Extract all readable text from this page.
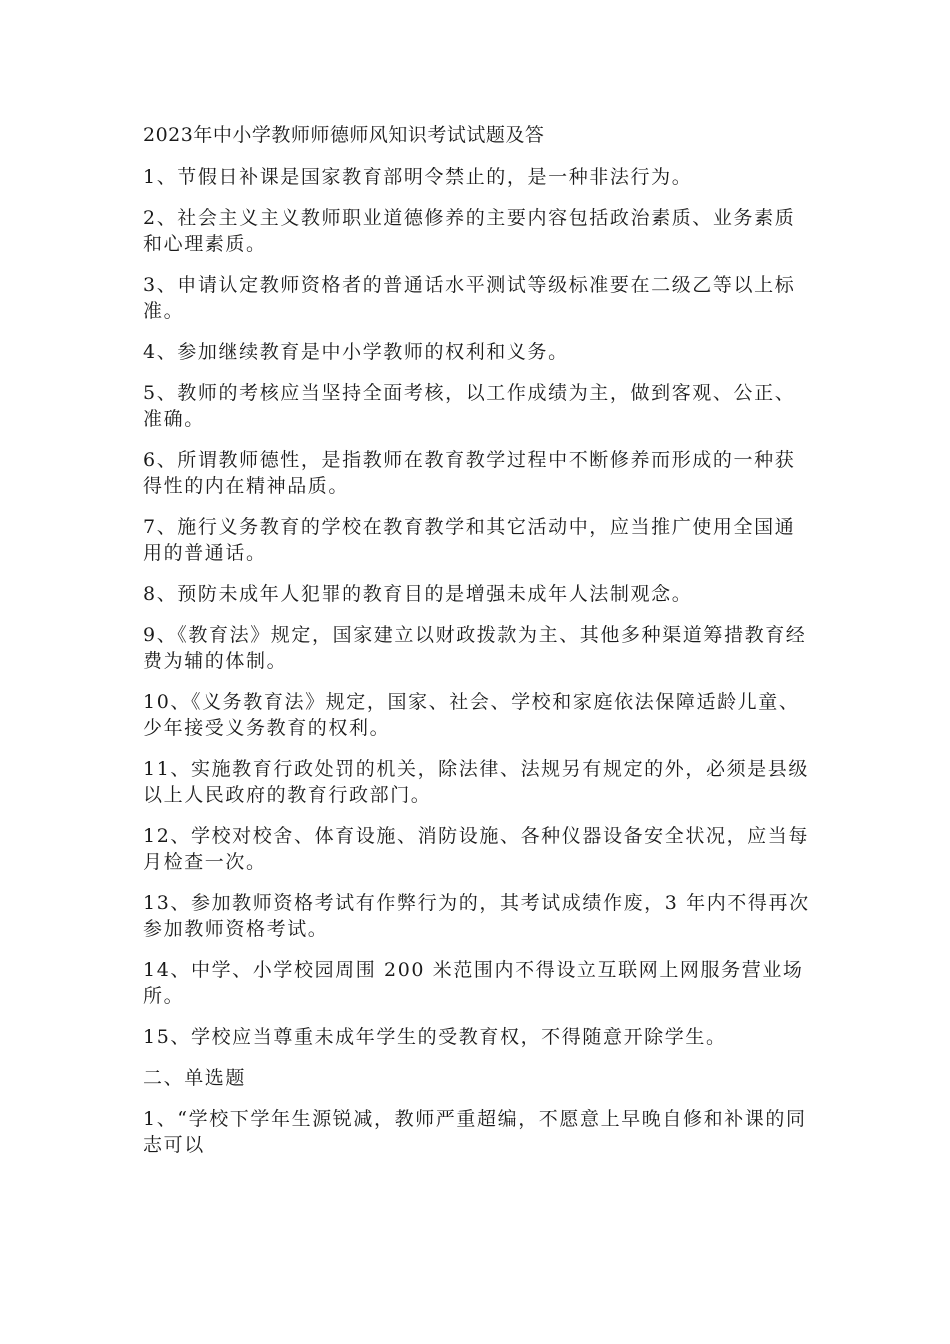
2023年中小学教师师德师风知识考试试题及答
1、节假日补课是国家教育部明令禁止的，是一种非法行为。
2、社会主义主义教师职业道德修养的主要内容包括政治素质、业务素质和心理素质。
3、申请认定教师资格者的普通话水平测试等级标准要在二级乙等以上标准。
4、参加继续教育是中小学教师的权利和义务。
5、教师的考核应当坚持全面考核，以工作成绩为主，做到客观、公正、准确。
6、所谓教师德性，是指教师在教育教学过程中不断修养而形成的一种获得性的内在精神品质。
7、施行义务教育的学校在教育教学和其它活动中，应当推广使用全国通用的普通话。
8、预防未成年人犯罪的教育目的是增强未成年人法制观念。
9、《教育法》规定，国家建立以财政拨款为主、其他多种渠道筹措教育经费为辅的体制。
10、《义务教育法》规定，国家、社会、学校和家庭依法保障适龄儿童、少年接受义务教育的权利。
11、实施教育行政处罚的机关，除法律、法规另有规定的外，必须是县级以上人民政府的教育行政部门。
12、学校对校舍、体育设施、消防设施、各种仪器设备安全状况，应当每月检查一次。
13、参加教师资格考试有作弊行为的，其考试成绩作废，3 年内不得再次参加教师资格考试。
14、中学、小学校园周围 200 米范围内不得设立互联网上网服务营业场所。
15、学校应当尊重未成年学生的受教育权，不得随意开除学生。
二、单选题
1、“学校下学年生源锐减，教师严重超编，不愿意上早晚自修和补课的同志可以
